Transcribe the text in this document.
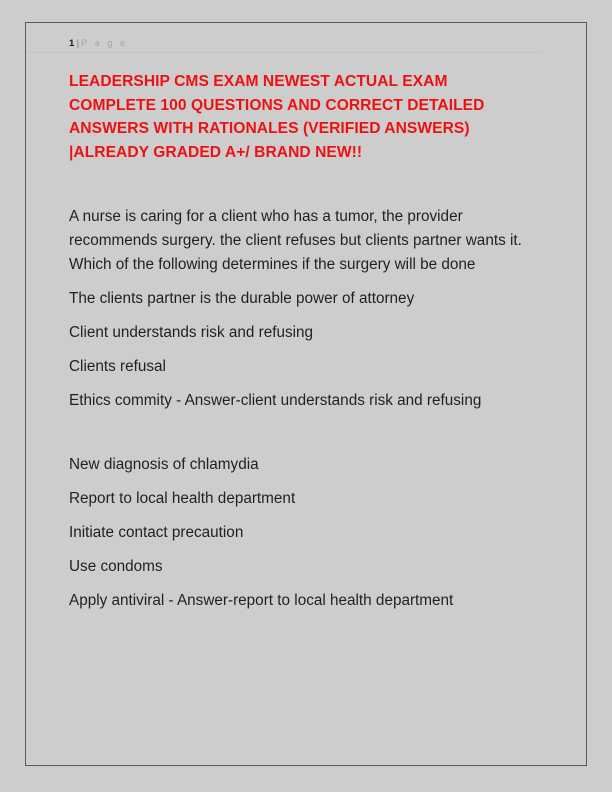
1 | P a g e
LEADERSHIP CMS EXAM NEWEST ACTUAL EXAM COMPLETE 100 QUESTIONS AND CORRECT DETAILED ANSWERS WITH RATIONALES (VERIFIED ANSWERS) |ALREADY GRADED A+/ BRAND NEW!!

A nurse is caring for a client who has a tumor, the provider recommends surgery. the client refuses but clients partner wants it. Which of the following determines if the surgery will be done

The clients partner is the durable power of attorney

Client understands risk and refusing

Clients refusal

Ethics commity - Answer-client understands risk and refusing

New diagnosis of chlamydia

Report to local health department

Initiate contact precaution

Use condoms

Apply antiviral - Answer-report to local health department
